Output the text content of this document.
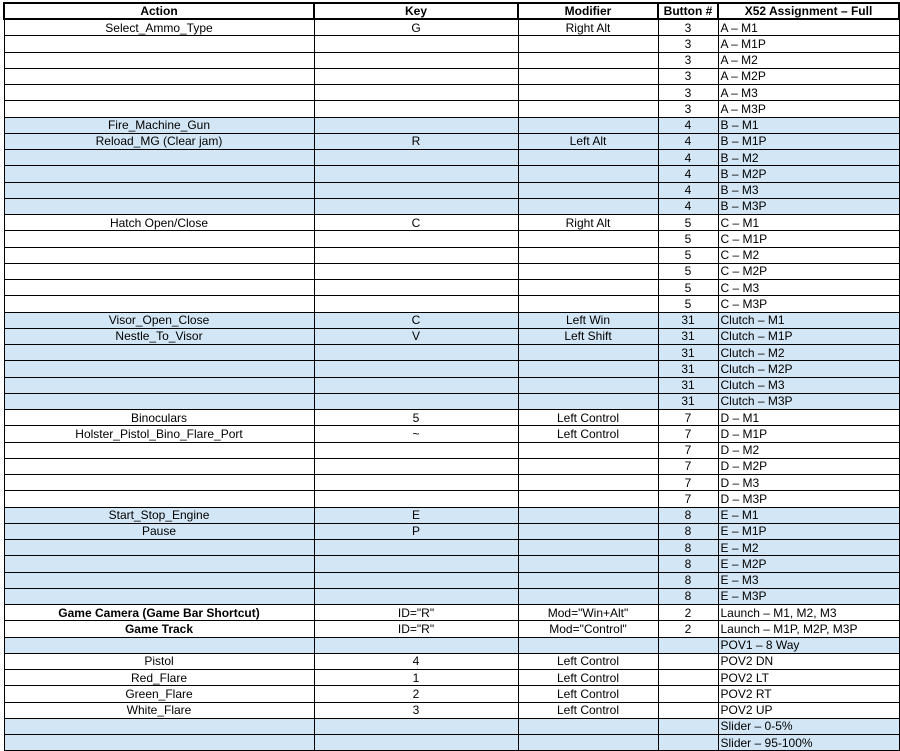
Action	Key	Modifier	Button #	X52 Assignment – Full
Select_Ammo_Type	G	Right Alt	3	A – M1
			3	A – M1P
			3	A – M2
			3	A – M2P
			3	A – M3
			3	A – M3P
Fire_Machine_Gun			4	B – M1
Reload_MG (Clear jam)	R	Left Alt	4	B – M1P
			4	B – M2
			4	B – M2P
			4	B – M3
			4	B – M3P
Hatch Open/Close	C	Right Alt	5	C – M1
			5	C – M1P
			5	C – M2
			5	C – M2P
			5	C – M3
			5	C – M3P
Visor_Open_Close	C	Left Win	31	Clutch – M1
Nestle_To_Visor	V	Left Shift	31	Clutch – M1P
			31	Clutch – M2
			31	Clutch – M2P
			31	Clutch – M3
			31	Clutch – M3P
Binoculars	5	Left Control	7	D – M1
Holster_Pistol_Bino_Flare_Port	~	Left Control	7	D – M1P
			7	D – M2
			7	D – M2P
			7	D – M3
			7	D – M3P
Start_Stop_Engine	E		8	E – M1
Pause	P		8	E – M1P
			8	E – M2
			8	E – M2P
			8	E – M3
			8	E – M3P
Game Camera (Game Bar Shortcut)	ID="R"	Mod="Win+Alt"	2	Launch – M1, M2, M3
Game Track	ID="R"	Mod="Control"	2	Launch – M1P, M2P, M3P
				POV1 – 8 Way
Pistol	4	Left Control		POV2 DN
Red_Flare	1	Left Control		POV2 LT
Green_Flare	2	Left Control		POV2 RT
White_Flare	3	Left Control		POV2 UP
				Slider – 0-5%
				Slider – 95-100%
